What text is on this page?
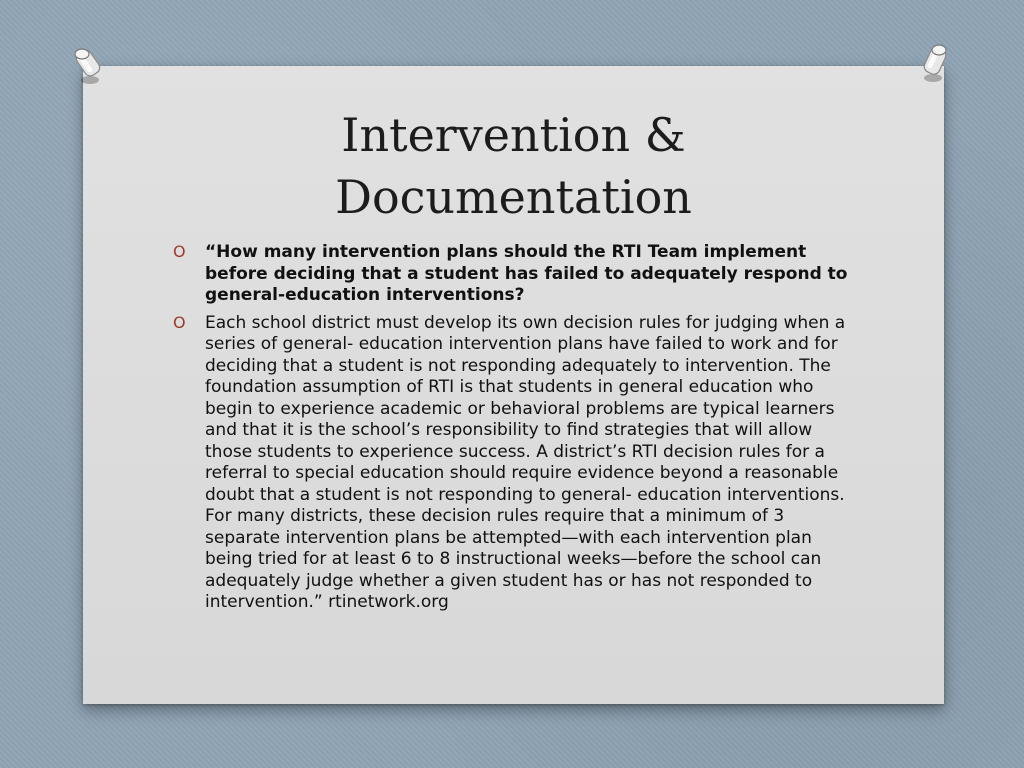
Intervention &
Documentation
O “How many intervention plans should the RTI Team implement before deciding that a student has failed to adequately respond to general-education interventions?
O Each school district must develop its own decision rules for judging when a series of general- education intervention plans have failed to work and for deciding that a student is not responding adequately to intervention. The foundation assumption of RTI is that students in general education who begin to experience academic or behavioral problems are typical learners and that it is the school’s responsibility to find strategies that will allow those students to experience success. A district’s RTI decision rules for a referral to special education should require evidence beyond a reasonable doubt that a student is not responding to general- education interventions. For many districts, these decision rules require that a minimum of 3 separate intervention plans be attempted—with each intervention plan being tried for at least 6 to 8 instructional weeks—before the school can adequately judge whether a given student has or has not responded to intervention.” rtinetwork.org
